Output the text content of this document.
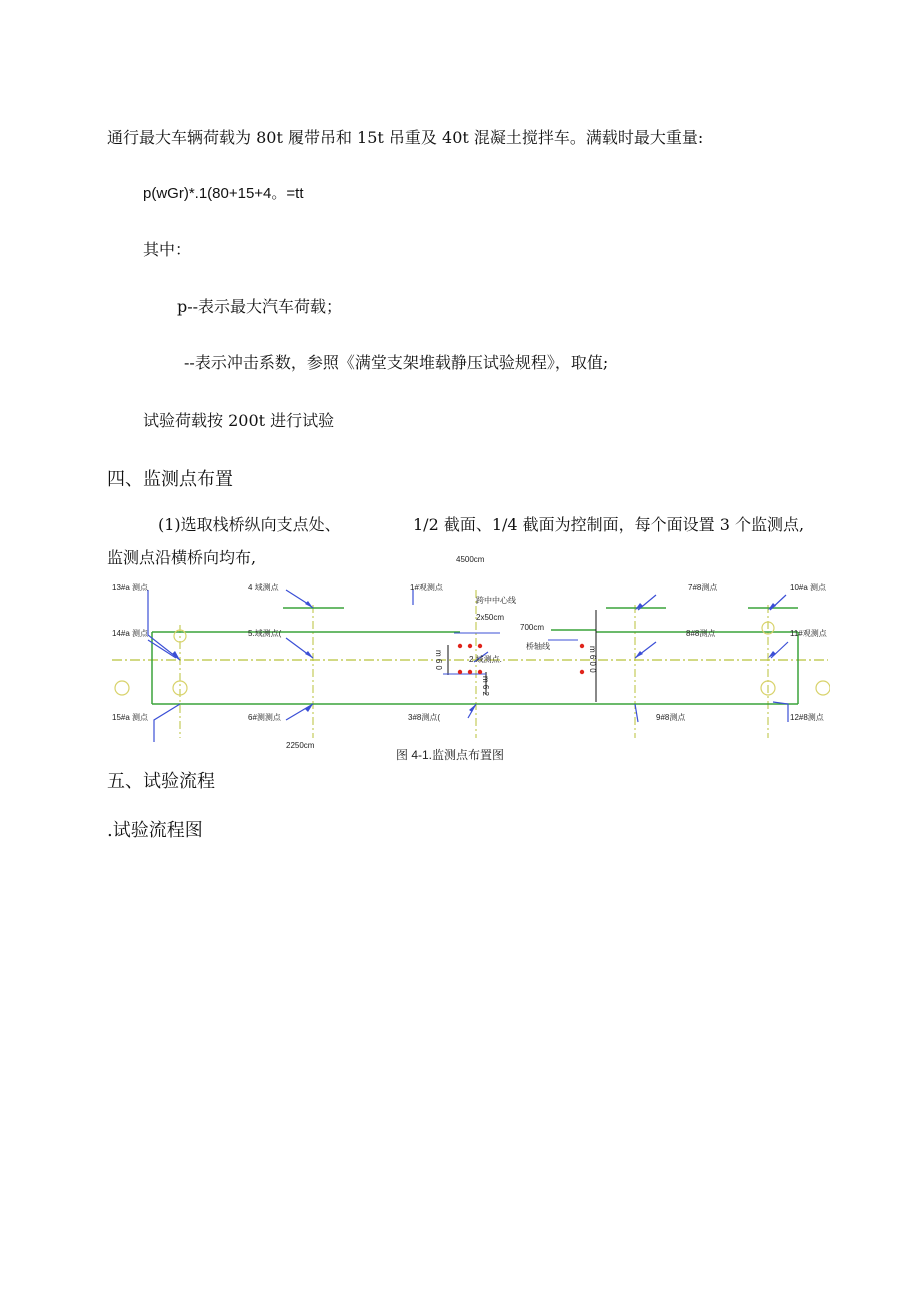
通行最大车辆荷载为 80t 履带吊和 15t 吊重及 40t 混凝土搅拌车。满载时最大重量:
p(wGr)*.1(80+15+4。=tt
其中：
p--表示最大汽车荷载；
--表示冲击系数，参照《满堂支架堆载静压试验规程》，取值;
试验荷载按 200t 进行试验
四、监测点布置
(1)选取栈桥纵向支点处、	1/2 截面、1/4 截面为控制面，每个面设置 3 个监测点,
监测点沿横桥向均布,	4500cm
跨中中心线
2x50cm
700cm
桥轴线
2250cm
m 6 0
m 6 2
m 6 0 0
13#a 测点
14#a 测点
15#a 测点
4 域测点
5.域测点(
6#测测点
1#观测点
2 域测点.
3#8测点(
7#8测点
8#8测点
9#8测点
10#a 测点
11#观测点
12#8测点
图 4-1.监测点布置图
五、试验流程
.试验流程图
